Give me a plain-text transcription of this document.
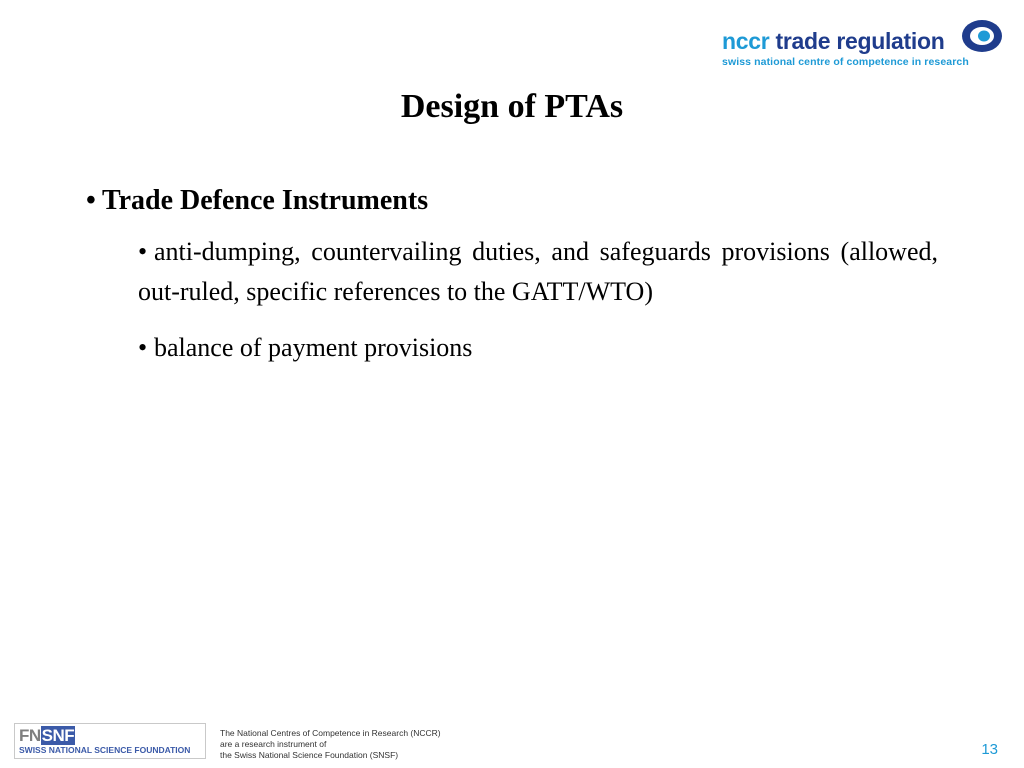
nccr trade regulation
swiss national centre of competence in research
Design of PTAs
• Trade Defence Instruments
• anti-dumping, countervailing duties, and safeguards provisions (allowed, out-ruled, specific references to the GATT/WTO)
• balance of payment provisions
FNSNF
SWISS NATIONAL SCIENCE FOUNDATION
The National Centres of Competence in Research (NCCR)
are a research instrument of
the Swiss National Science Foundation (SNSF)	13
